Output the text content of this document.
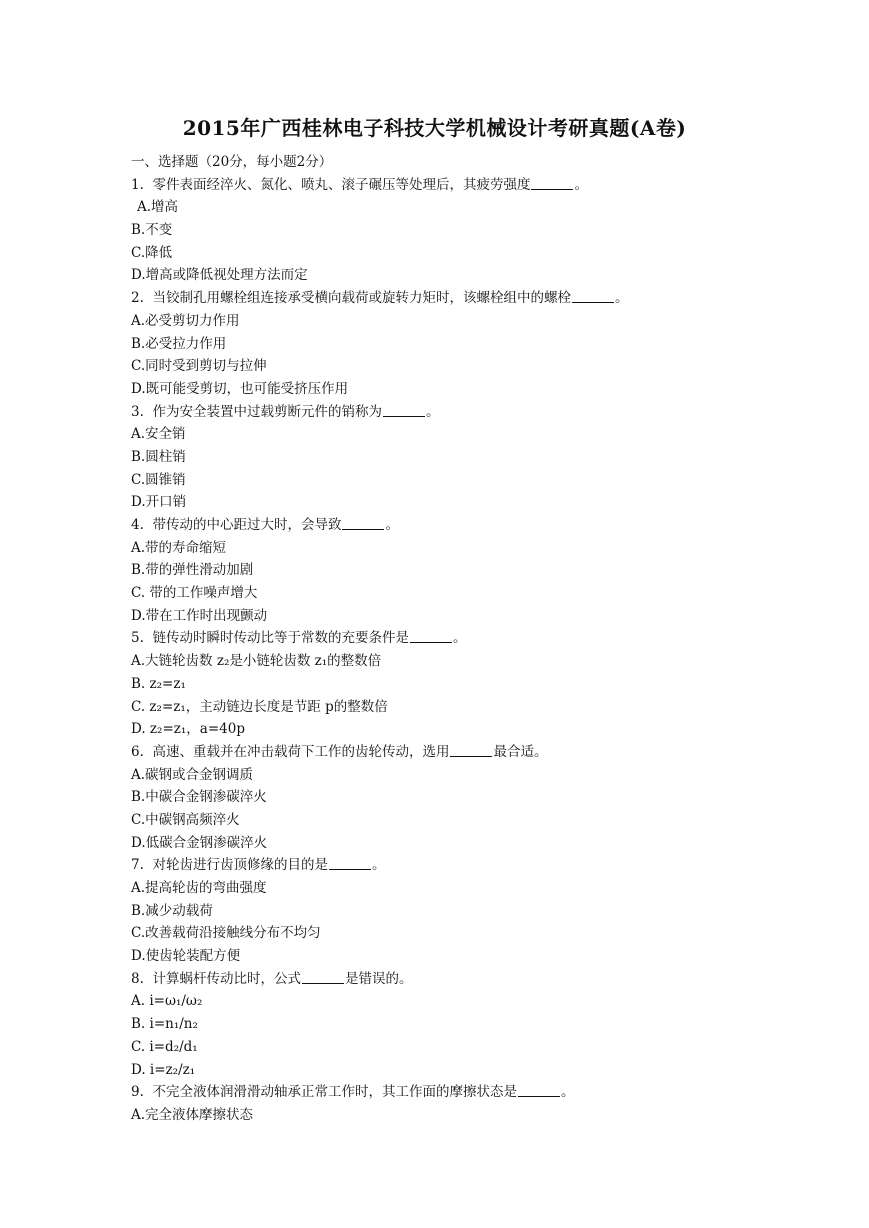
2015年广西桂林电子科技大学机械设计考研真题(A卷)
一、选择题（20分，每小题2分）
1. 零件表面经淬火、氮化、喷丸、滚子碾压等处理后，其疲劳强度	。
A.增高
B.不变
C.降低
D.增高或降低视处理方法而定
2. 当铰制孔用螺栓组连接承受横向载荷或旋转力矩时，该螺栓组中的螺栓	。
A.必受剪切力作用
B.必受拉力作用
C.同时受到剪切与拉伸
D.既可能受剪切，也可能受挤压作用
3. 作为安全装置中过载剪断元件的销称为	。
A.安全销
B.圆柱销
C.圆锥销
D.开口销
4. 带传动的中心距过大时，会导致	。
A.带的寿命缩短
B.带的弹性滑动加剧
C. 带的工作噪声增大
D.带在工作时出现颤动
5. 链传动时瞬时传动比等于常数的充要条件是	。
A.大链轮齿数 z₂是小链轮齿数 z₁的整数倍
B. z₂=z₁
C. z₂=z₁，主动链边长度是节距 p的整数倍
D. z₂=z₁，a=40p
6. 高速、重载并在冲击载荷下工作的齿轮传动，选用	最合适。
A.碳钢或合金钢调质
B.中碳合金钢渗碳淬火
C.中碳钢高频淬火
D.低碳合金钢渗碳淬火
7. 对轮齿进行齿顶修缘的目的是	。
A.提高轮齿的弯曲强度
B.减少动载荷
C.改善载荷沿接触线分布不均匀
D.使齿轮装配方便
8. 计算蜗杆传动比时，公式	是错误的。
A. i=ω₁/ω₂
B. i=n₁/n₂
C. i=d₂/d₁
D. i=z₂/z₁
9. 不完全液体润滑滑动轴承正常工作时，其工作面的摩擦状态是	。
A.完全液体摩擦状态
